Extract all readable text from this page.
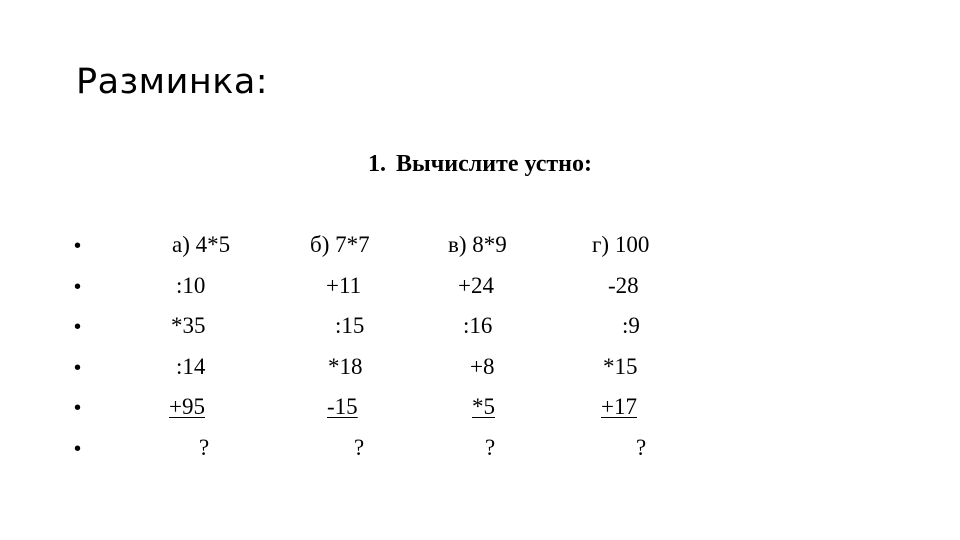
Разминка:
1. Вычислите устно:
•	а) 4*5	б) 7*7	в) 8*9	г) 100
•	:10	+11	+24	-28
•	*35	:15	:16	:9
•	:14	*18	+8	*15
•	+95	-15	*5	+17
•	?	?	?	?
